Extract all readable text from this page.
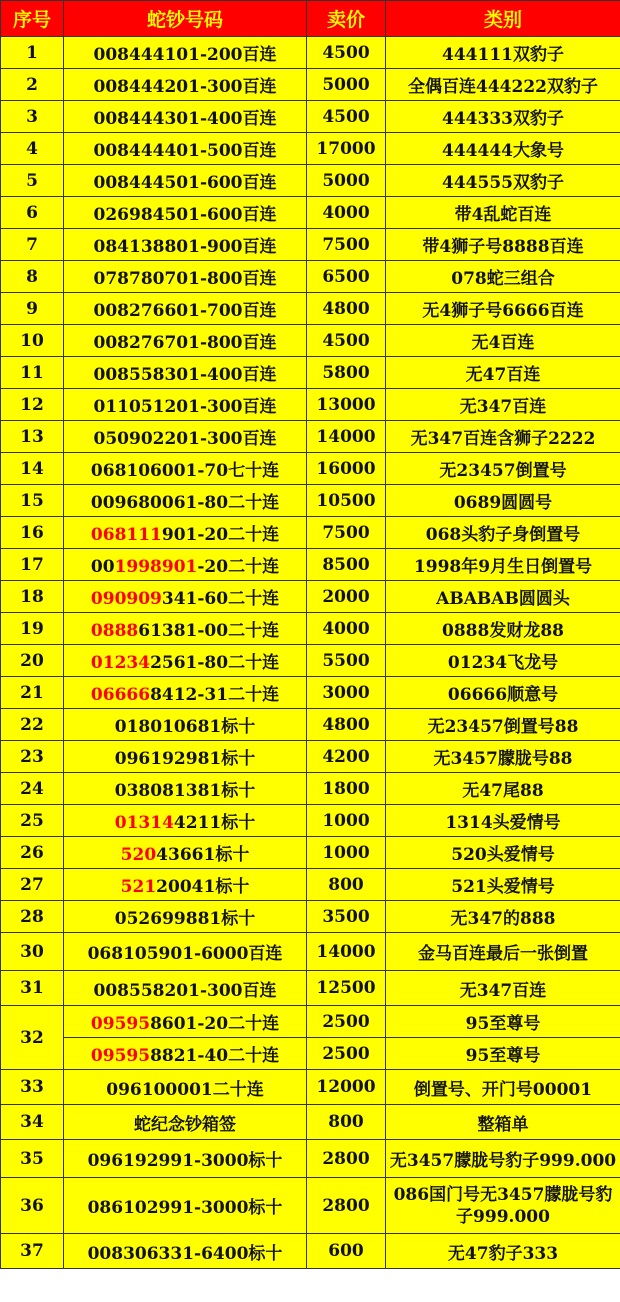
序号	蛇钞号码	卖价	类别
1	008444101-200百连	4500	444111双豹子
2	008444201-300百连	5000	全偶百连444222双豹子
3	008444301-400百连	4500	444333双豹子
4	008444401-500百连	17000	444444大象号
5	008444501-600百连	5000	444555双豹子
6	026984501-600百连	4000	带4乱蛇百连
7	084138801-900百连	7500	带4狮子号8888百连
8	078780701-800百连	6500	078蛇三组合
9	008276601-700百连	4800	无4狮子号6666百连
10	008276701-800百连	4500	无4百连
11	008558301-400百连	5800	无47百连
12	011051201-300百连	13000	无347百连
13	050902201-300百连	14000	无347百连含狮子2222
14	068106001-70七十连	16000	无23457倒置号
15	009680061-80二十连	10500	0689圆圆号
16	068111901-20二十连	7500	068头豹子身倒置号
17	001998901-20二十连	8500	1998年9月生日倒置号
18	090909341-60二十连	2000	ABABAB圆圆头
19	088861381-00二十连	4000	0888发财龙88
20	012342561-80二十连	5500	01234飞龙号
21	066668412-31二十连	3000	06666顺意号
22	018010681标十	4800	无23457倒置号88
23	096192981标十	4200	无3457朦胧号88
24	038081381标十	1800	无47尾88
25	013144211标十	1000	1314头爱情号
26	52043661标十	1000	520头爱情号
27	52120041标十	800	521头爱情号
28	052699881标十	3500	无347的888
30	068105901-6000百连	14000	金马百连最后一张倒置
31	008558201-300百连	12500	无347百连
32	095958601-20二十连	2500	95至尊号
	095958821-40二十连	2500	95至尊号
33	096100001二十连	12000	倒置号、开门号00001
34	蛇纪念钞箱签	800	整箱单
35	096192991-3000标十	2800	无3457朦胧号豹子999.000
36	086102991-3000标十	2800	086国门号无3457朦胧号豹子999.000
37	008306331-6400标十	600	无47豹子333
